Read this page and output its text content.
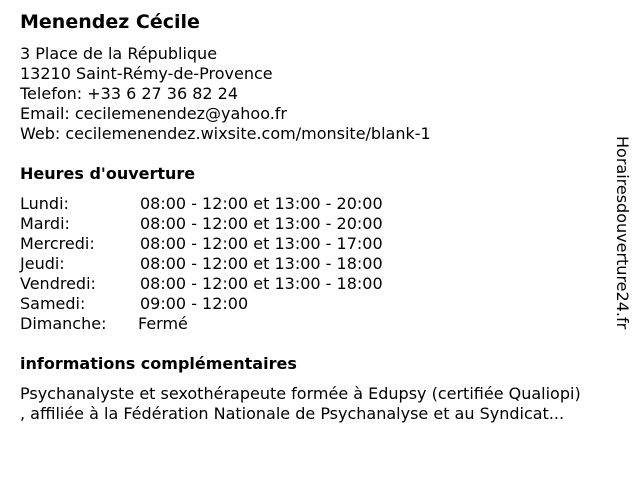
Menendez Cécile
3 Place de la République
13210 Saint-Rémy-de-Provence
Telefon: +33 6 27 36 82 24
Email: cecilemenendez@yahoo.fr
Web: cecilemenendez.wixsite.com/monsite/blank-1
Heures d'ouverture
Lundi:	08:00 - 12:00 et 13:00 - 20:00
Mardi:	08:00 - 12:00 et 13:00 - 20:00
Mercredi:	08:00 - 12:00 et 13:00 - 17:00
Jeudi:	08:00 - 12:00 et 13:00 - 18:00
Vendredi:	08:00 - 12:00 et 13:00 - 18:00
Samedi:	09:00 - 12:00
Dimanche: Fermé
informations complémentaires
Psychanalyste et sexothérapeute formée à Edupsy (certifiée Qualiopi)
, affiliée à la Fédération Nationale de Psychanalyse et au Syndicat...
Horairesdouverture24.fr
